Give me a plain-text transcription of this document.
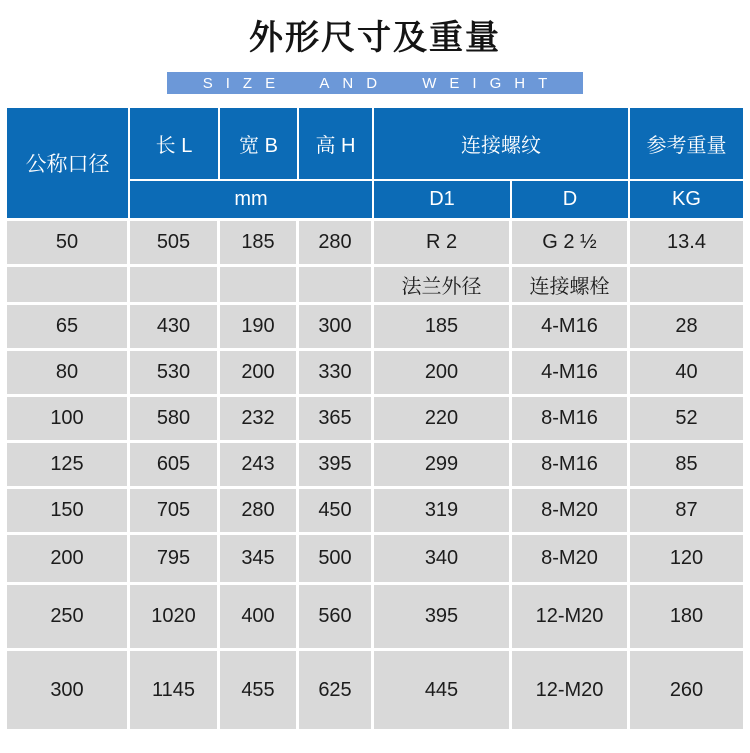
外形尺寸及重量
SIZE AND WEIGHT
公称口径	长 L	宽 B	高 H	连接螺纹		参考重量
	mm			D1	D	KG
50	505	185	280	R 2	G 2 ½	13.4
				法兰外径	连接螺栓	
65	430	190	300	185	4-M16	28
80	530	200	330	200	4-M16	40
100	580	232	365	220	8-M16	52
125	605	243	395	299	8-M16	85
150	705	280	450	319	8-M20	87
200	795	345	500	340	8-M20	120
250	1020	400	560	395	12-M20	180
300	1145	455	625	445	12-M20	260
